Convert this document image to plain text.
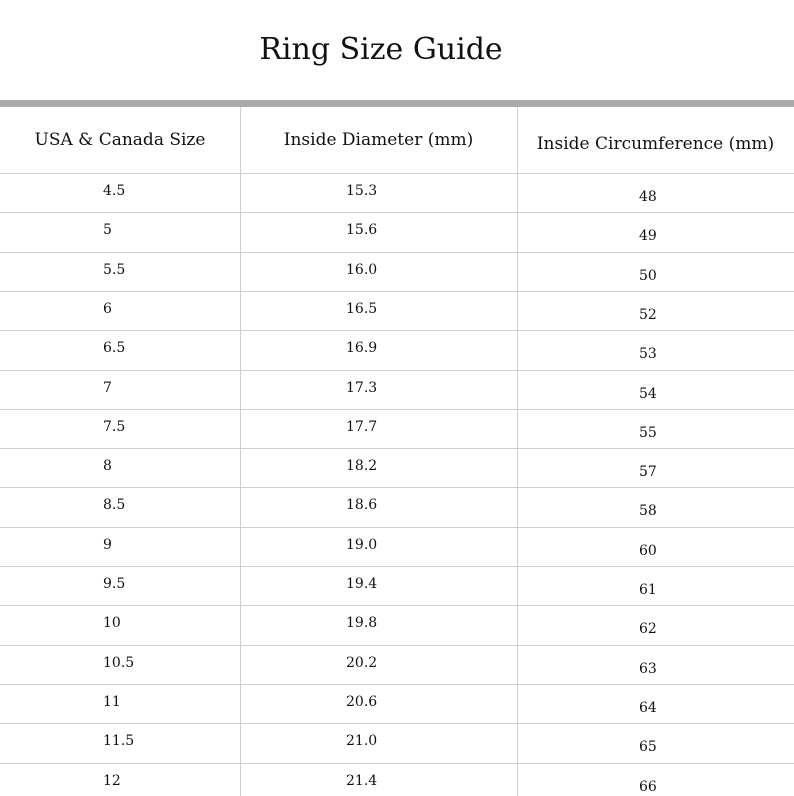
Ring Size Guide
USA & Canada Size	Inside Diameter (mm)	Inside Circumference (mm)
4.5	15.3	48
5	15.6	49
5.5	16.0	50
6	16.5	52
6.5	16.9	53
7	17.3	54
7.5	17.7	55
8	18.2	57
8.5	18.6	58
9	19.0	60
9.5	19.4	61
10	19.8	62
10.5	20.2	63
11	20.6	64
11.5	21.0	65
12	21.4	66
